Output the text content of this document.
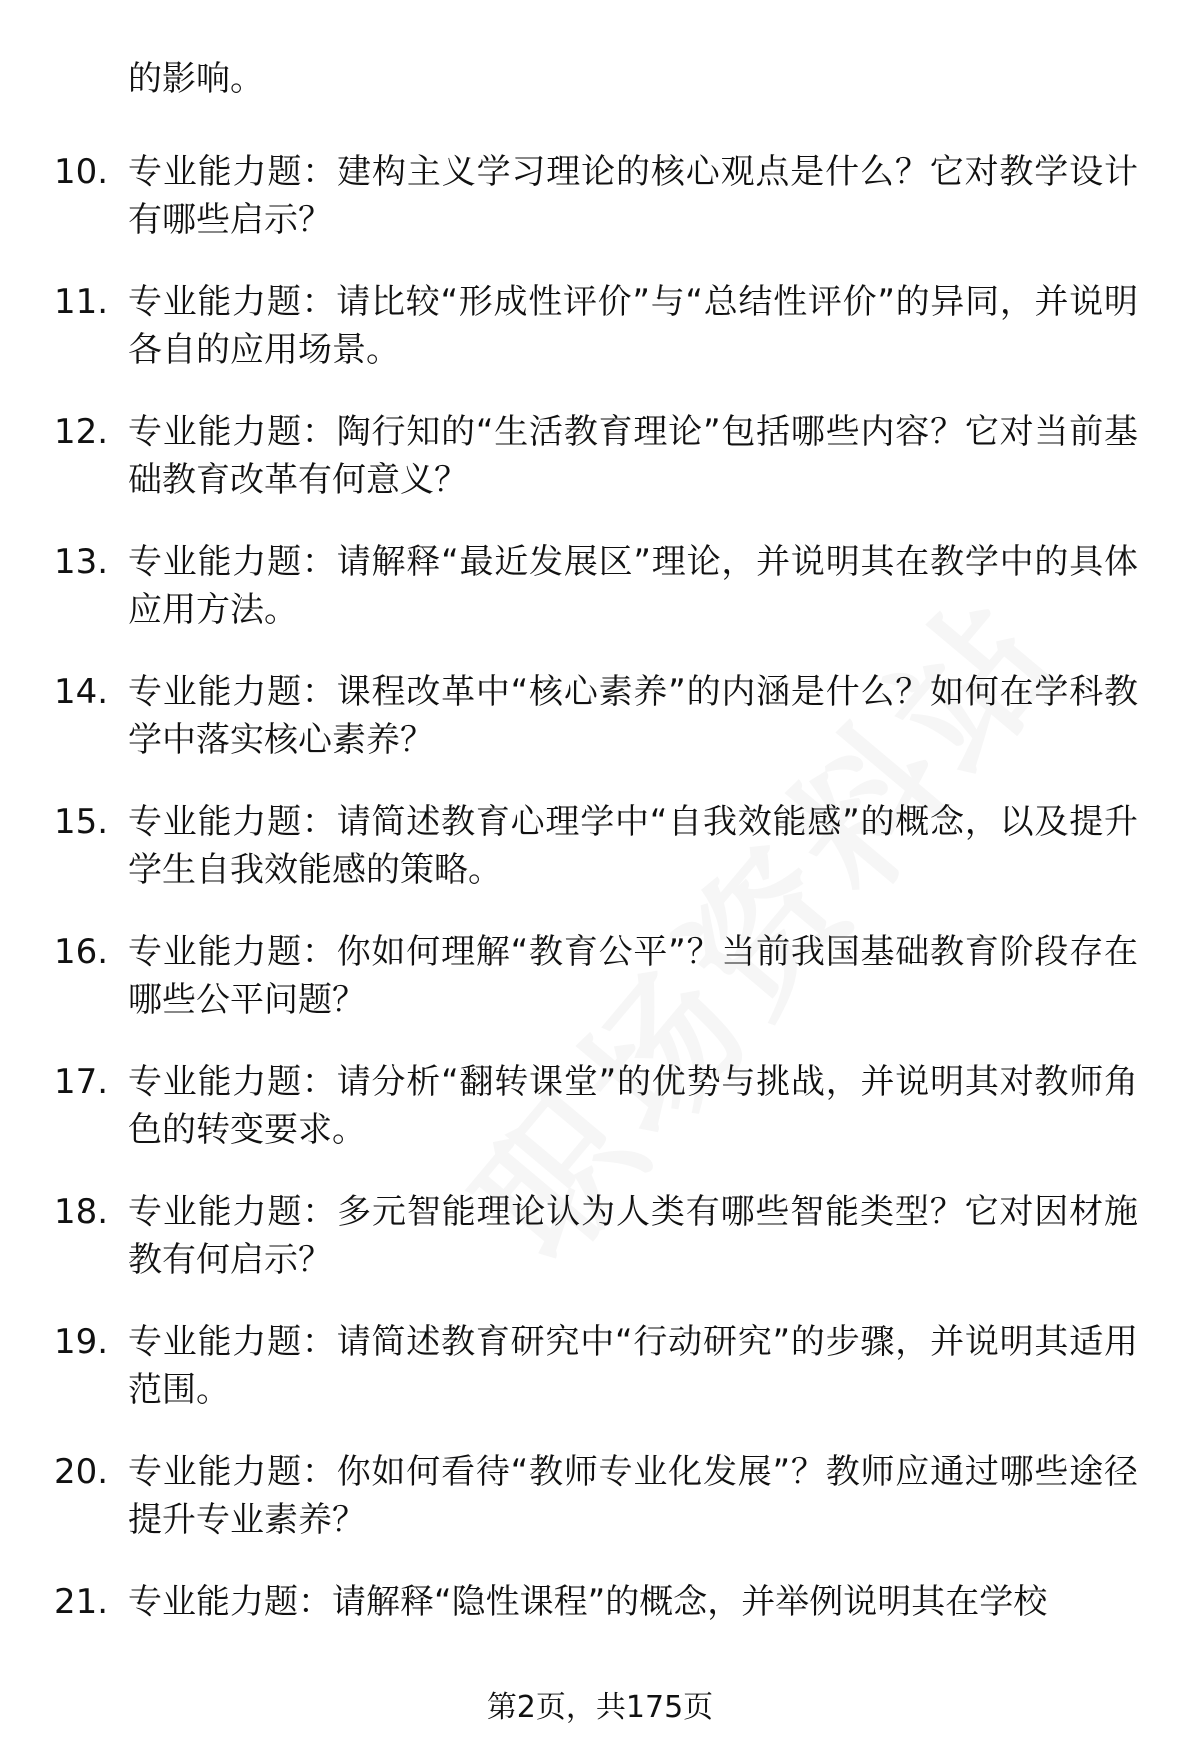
的影响。
10. 专业能力题：建构主义学习理论的核心观点是什么？它对教学设计有哪些启示？
11. 专业能力题：请比较“形成性评价”与“总结性评价”的异同，并说明各自的应用场景。
12. 专业能力题：陶行知的“生活教育理论”包括哪些内容？它对当前基础教育改革有何意义？
13. 专业能力题：请解释“最近发展区”理论，并说明其在教学中的具体应用方法。
14. 专业能力题：课程改革中“核心素养”的内涵是什么？如何在学科教学中落实核心素养？
15. 专业能力题：请简述教育心理学中“自我效能感”的概念，以及提升学生自我效能感的策略。
16. 专业能力题：你如何理解“教育公平”？当前我国基础教育阶段存在哪些公平问题？
17. 专业能力题：请分析“翻转课堂”的优势与挑战，并说明其对教师角色的转变要求。
18. 专业能力题：多元智能理论认为人类有哪些智能类型？它对因材施教有何启示？
19. 专业能力题：请简述教育研究中“行动研究”的步骤，并说明其适用范围。
20. 专业能力题：你如何看待“教师专业化发展”？教师应通过哪些途径提升专业素养？
21. 专业能力题：请解释“隐性课程”的概念，并举例说明其在学校
第2页，共175页
